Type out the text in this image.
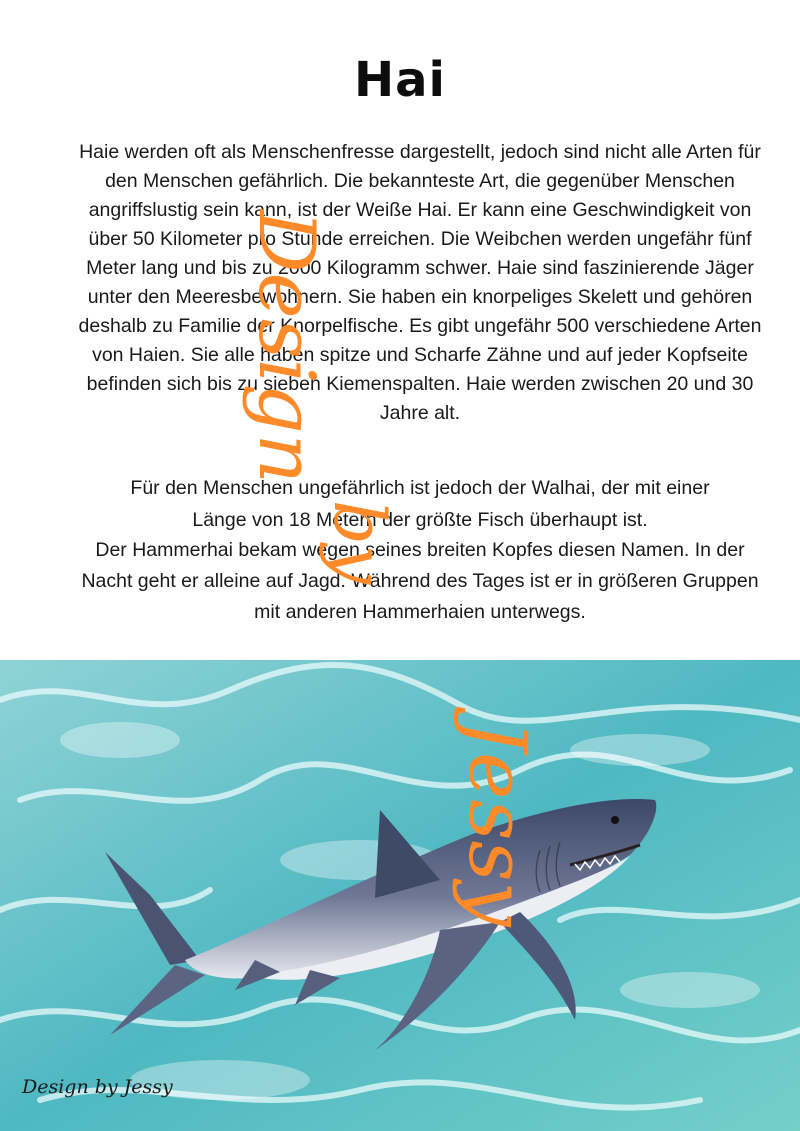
Hai
Haie werden oft als Menschenfresse dargestellt, jedoch sind nicht alle Arten für den Menschen gefährlich. Die bekannteste Art, die gegenüber Menschen angriffslustig sein kann, ist der Weiße Hai. Er kann eine Geschwindigkeit von über 50 Kilometer pro Stunde erreichen. Die Weibchen werden ungefähr fünf Meter lang und bis zu 2000 Kilogramm schwer. Haie sind faszinierende Jäger unter den Meeresbewohnern. Sie haben ein knorpeliges Skelett und gehören deshalb zu Familie der Knorpelfische. Es gibt ungefähr 500 verschiedene Arten von Haien. Sie alle haben spitze und Scharfe Zähne und auf jeder Kopfseite befinden sich bis zu sieben Kiemenspalten. Haie werden zwischen 20 und 30 Jahre alt.
Für den Menschen ungefährlich ist jedoch der Walhai, der mit einer
Länge von 18 Metern der größte Fisch überhaupt ist.
Der Hammerhai bekam wegen seines breiten Kopfes diesen Namen. In der Nacht geht er alleine auf Jagd. Während des Tages ist er in größeren Gruppen mit anderen Hammerhaien unterwegs.
Jessy
Design
by
Design by Jessy
